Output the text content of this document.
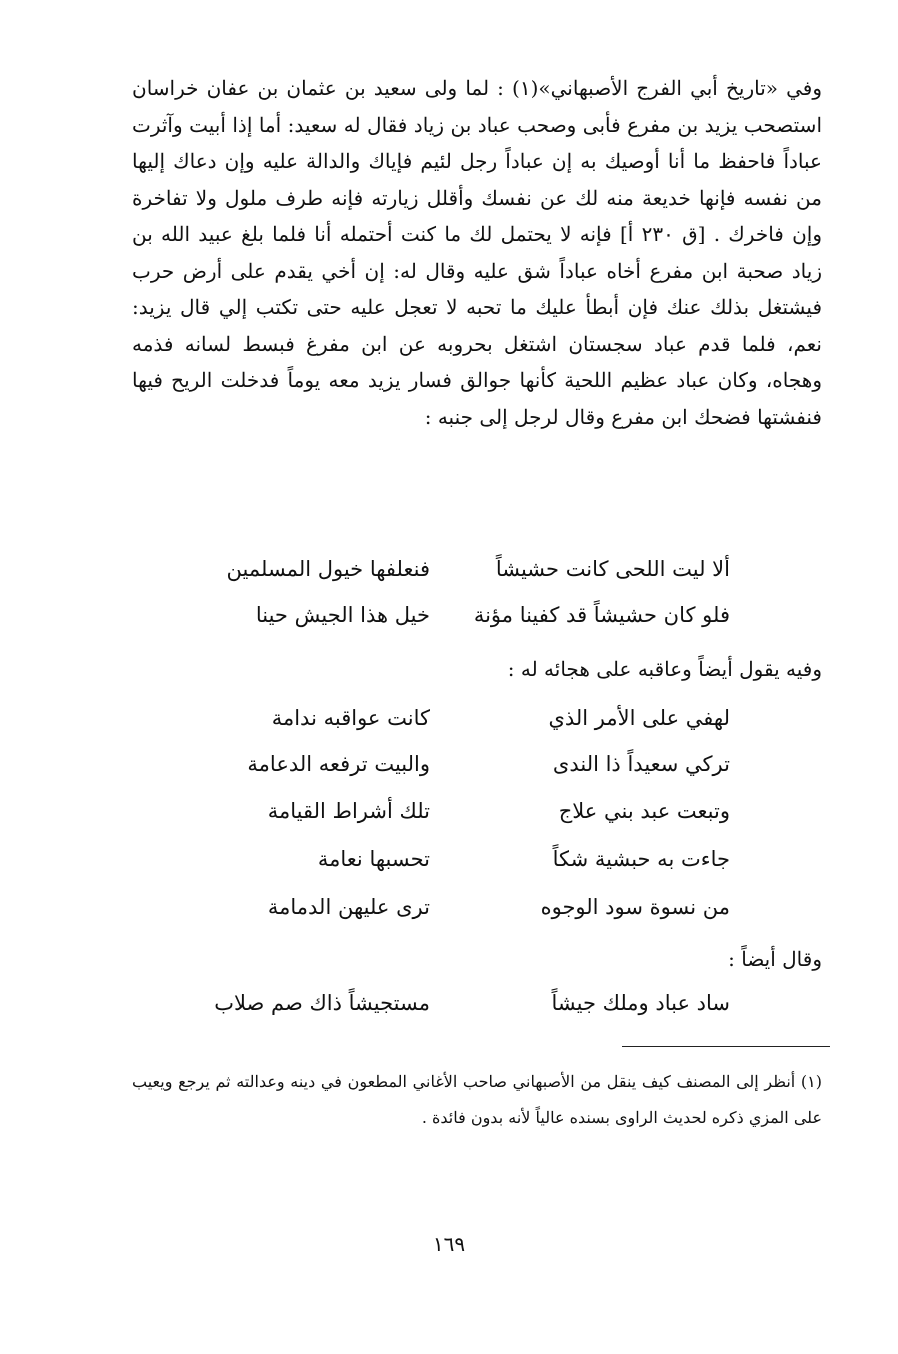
وفي «تاريخ أبي الفرج الأصبهاني»(١) : لما ولى سعيد بن عثمان بن عفان خراسان استصحب يزيد بن مفرع فأبى وصحب عباد بن زياد فقال له سعيد: أما إذا أبيت وآثرت عباداً فاحفظ ما أنا أوصيك به إن عباداً رجل لئيم فإياك والدالة عليه وإن دعاك إليها من نفسه فإنها خديعة منه لك عن نفسك وأقلل زيارته فإنه طرف ملول ولا تفاخرة وإن فاخرك . [ق ٢٣٠ أ] فإنه لا يحتمل لك ما كنت أحتمله أنا فلما بلغ عبيد الله بن زياد صحبة ابن مفرع أخاه عباداً شق عليه وقال له: إن أخي يقدم على أرض حرب فيشتغل بذلك عنك فإن أبطأ عليك ما تحبه لا تعجل عليه حتى تكتب إلي قال يزيد: نعم، فلما قدم عباد سجستان اشتغل بحروبه عن ابن مفرغ فبسط لسانه فذمه وهجاه، وكان عباد عظيم اللحية كأنها جوالق فسار يزيد معه يوماً فدخلت الريح فيها فنفشتها فضحك ابن مفرع وقال لرجل إلى جنبه :

ألا ليت اللحى كانت حشيشاً
فنعلفها خيول المسلمين
فلو كان حشيشاً قد كفينا مؤنة
خيل هذا الجيش حينا
وفيه يقول أيضاً وعاقبه على هجائه له :
لهفي على الأمر الذي
كانت عواقبه ندامة
تركي سعيداً ذا الندى
والبيت ترفعه الدعامة
وتبعت عبد بني علاج
تلك أشراط القيامة
جاءت به حبشية شكاً
تحسبها نعامة
من نسوة سود الوجوه
ترى عليهن الدمامة
وقال أيضاً :
ساد عباد وملك جيشاً
مستجيشاً ذاك صم صلاب
(١) أنظر إلى المصنف كيف ينقل من الأصبهاني صاحب الأغاني المطعون في دينه وعدالته ثم يرجع ويعيب على المزي ذكره لحديث الراوى بسنده عالياً لأنه بدون فائدة .
١٦٩
